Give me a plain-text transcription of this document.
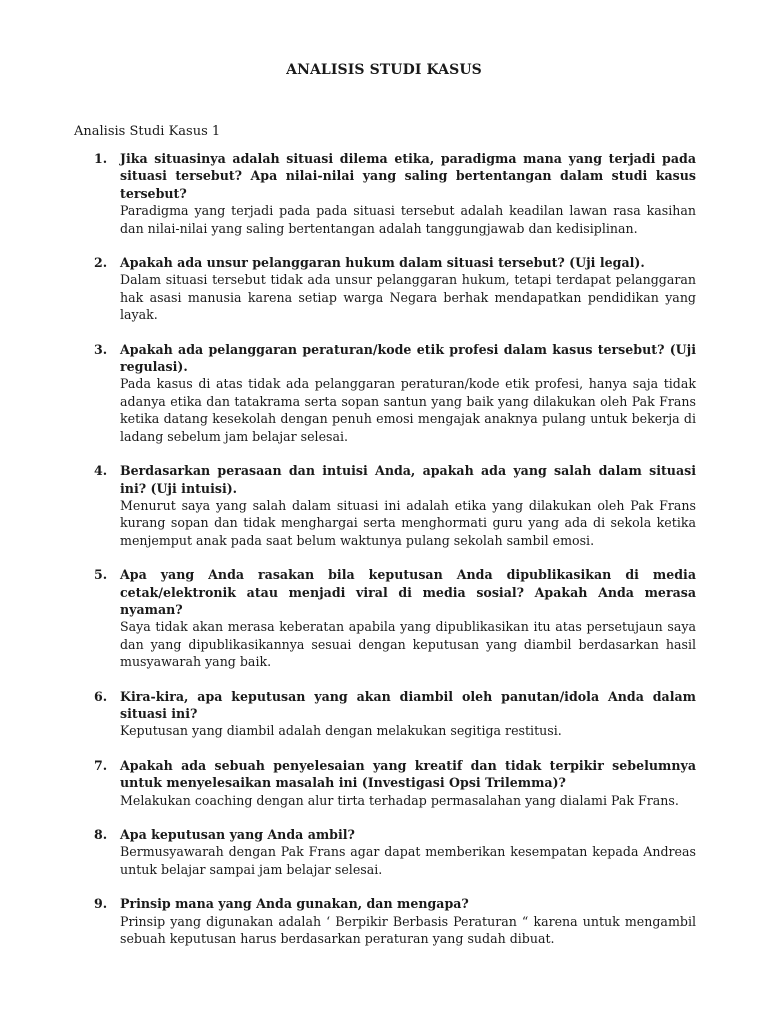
ANALISIS STUDI KASUS
Analisis Studi Kasus 1
1. Jika situasinya adalah situasi dilema etika, paradigma mana yang terjadi pada situasi tersebut? Apa nilai-nilai yang saling bertentangan dalam studi kasus tersebut?
Paradigma yang terjadi pada pada situasi tersebut adalah keadilan lawan rasa kasihan dan nilai-nilai yang saling bertentangan adalah tanggungjawab dan kedisiplinan.
2. Apakah ada unsur pelanggaran hukum dalam situasi tersebut? (Uji legal).
Dalam situasi tersebut tidak ada unsur pelanggaran hukum, tetapi terdapat pelanggaran hak asasi manusia karena setiap warga Negara berhak mendapatkan pendidikan yang layak.
3. Apakah ada pelanggaran peraturan/kode etik profesi dalam kasus tersebut? (Uji regulasi).
Pada kasus di atas tidak ada pelanggaran peraturan/kode etik profesi, hanya saja tidak adanya etika dan tatakrama serta sopan santun yang baik yang dilakukan oleh Pak Frans ketika datang kesekolah dengan penuh emosi mengajak anaknya pulang untuk bekerja di ladang sebelum jam belajar selesai.
4. Berdasarkan perasaan dan intuisi Anda, apakah ada yang salah dalam situasi ini? (Uji intuisi).
Menurut saya yang salah dalam situasi ini adalah etika yang dilakukan oleh Pak Frans kurang sopan dan tidak menghargai serta menghormati guru yang ada di sekola ketika menjemput anak pada saat belum waktunya pulang sekolah sambil emosi.
5. Apa yang Anda rasakan bila keputusan Anda dipublikasikan di media cetak/elektronik atau menjadi viral di media sosial? Apakah Anda merasa nyaman?
Saya tidak akan merasa keberatan apabila yang dipublikasikan itu atas persetujaun saya dan yang dipublikasikannya sesuai dengan keputusan yang diambil berdasarkan hasil musyawarah yang baik.
6. Kira-kira, apa keputusan yang akan diambil oleh panutan/idola Anda dalam situasi ini?
Keputusan yang diambil adalah dengan melakukan segitiga restitusi.
7. Apakah ada sebuah penyelesaian yang kreatif dan tidak terpikir sebelumnya untuk menyelesaikan masalah ini (Investigasi Opsi Trilemma)?
Melakukan coaching dengan alur tirta terhadap permasalahan yang dialami Pak Frans.
8. Apa keputusan yang Anda ambil?
Bermusyawarah dengan Pak Frans agar dapat memberikan kesempatan kepada Andreas untuk belajar sampai jam belajar selesai.
9. Prinsip mana yang Anda gunakan, dan mengapa?
Prinsip yang digunakan adalah ‘ Berpikir Berbasis Peraturan “ karena untuk mengambil sebuah keputusan harus berdasarkan peraturan yang sudah dibuat.
